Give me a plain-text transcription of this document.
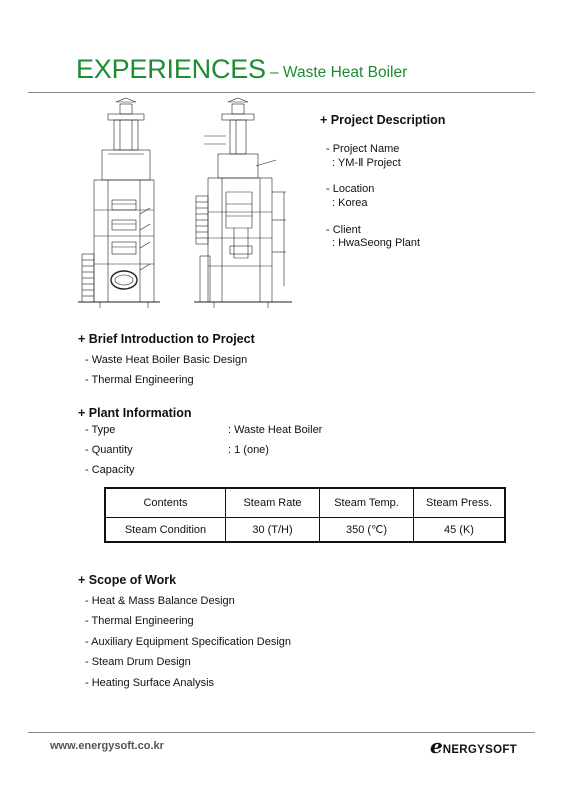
EXPERIENCES – Waste Heat Boiler
+ Project Description
- Project Name
: YM-Ⅱ Project
- Location
: Korea
- Client
: HwaSeong Plant
+ Brief Introduction to Project
- Waste Heat Boiler Basic Design
- Thermal Engineering
+ Plant Information
- Type	: Waste Heat Boiler
- Quantity	: 1 (one)
- Capacity
Contents	Steam Rate	Steam Temp.	Steam Press.
Steam Condition	30 (T/H)	350 (℃)	45 (K)
+ Scope of Work
- Heat & Mass Balance Design
- Thermal Engineering
- Auxiliary Equipment Specification Design
- Steam Drum Design
- Heating Surface Analysis
www.energysoft.co.kr	e NERGYSOFT
